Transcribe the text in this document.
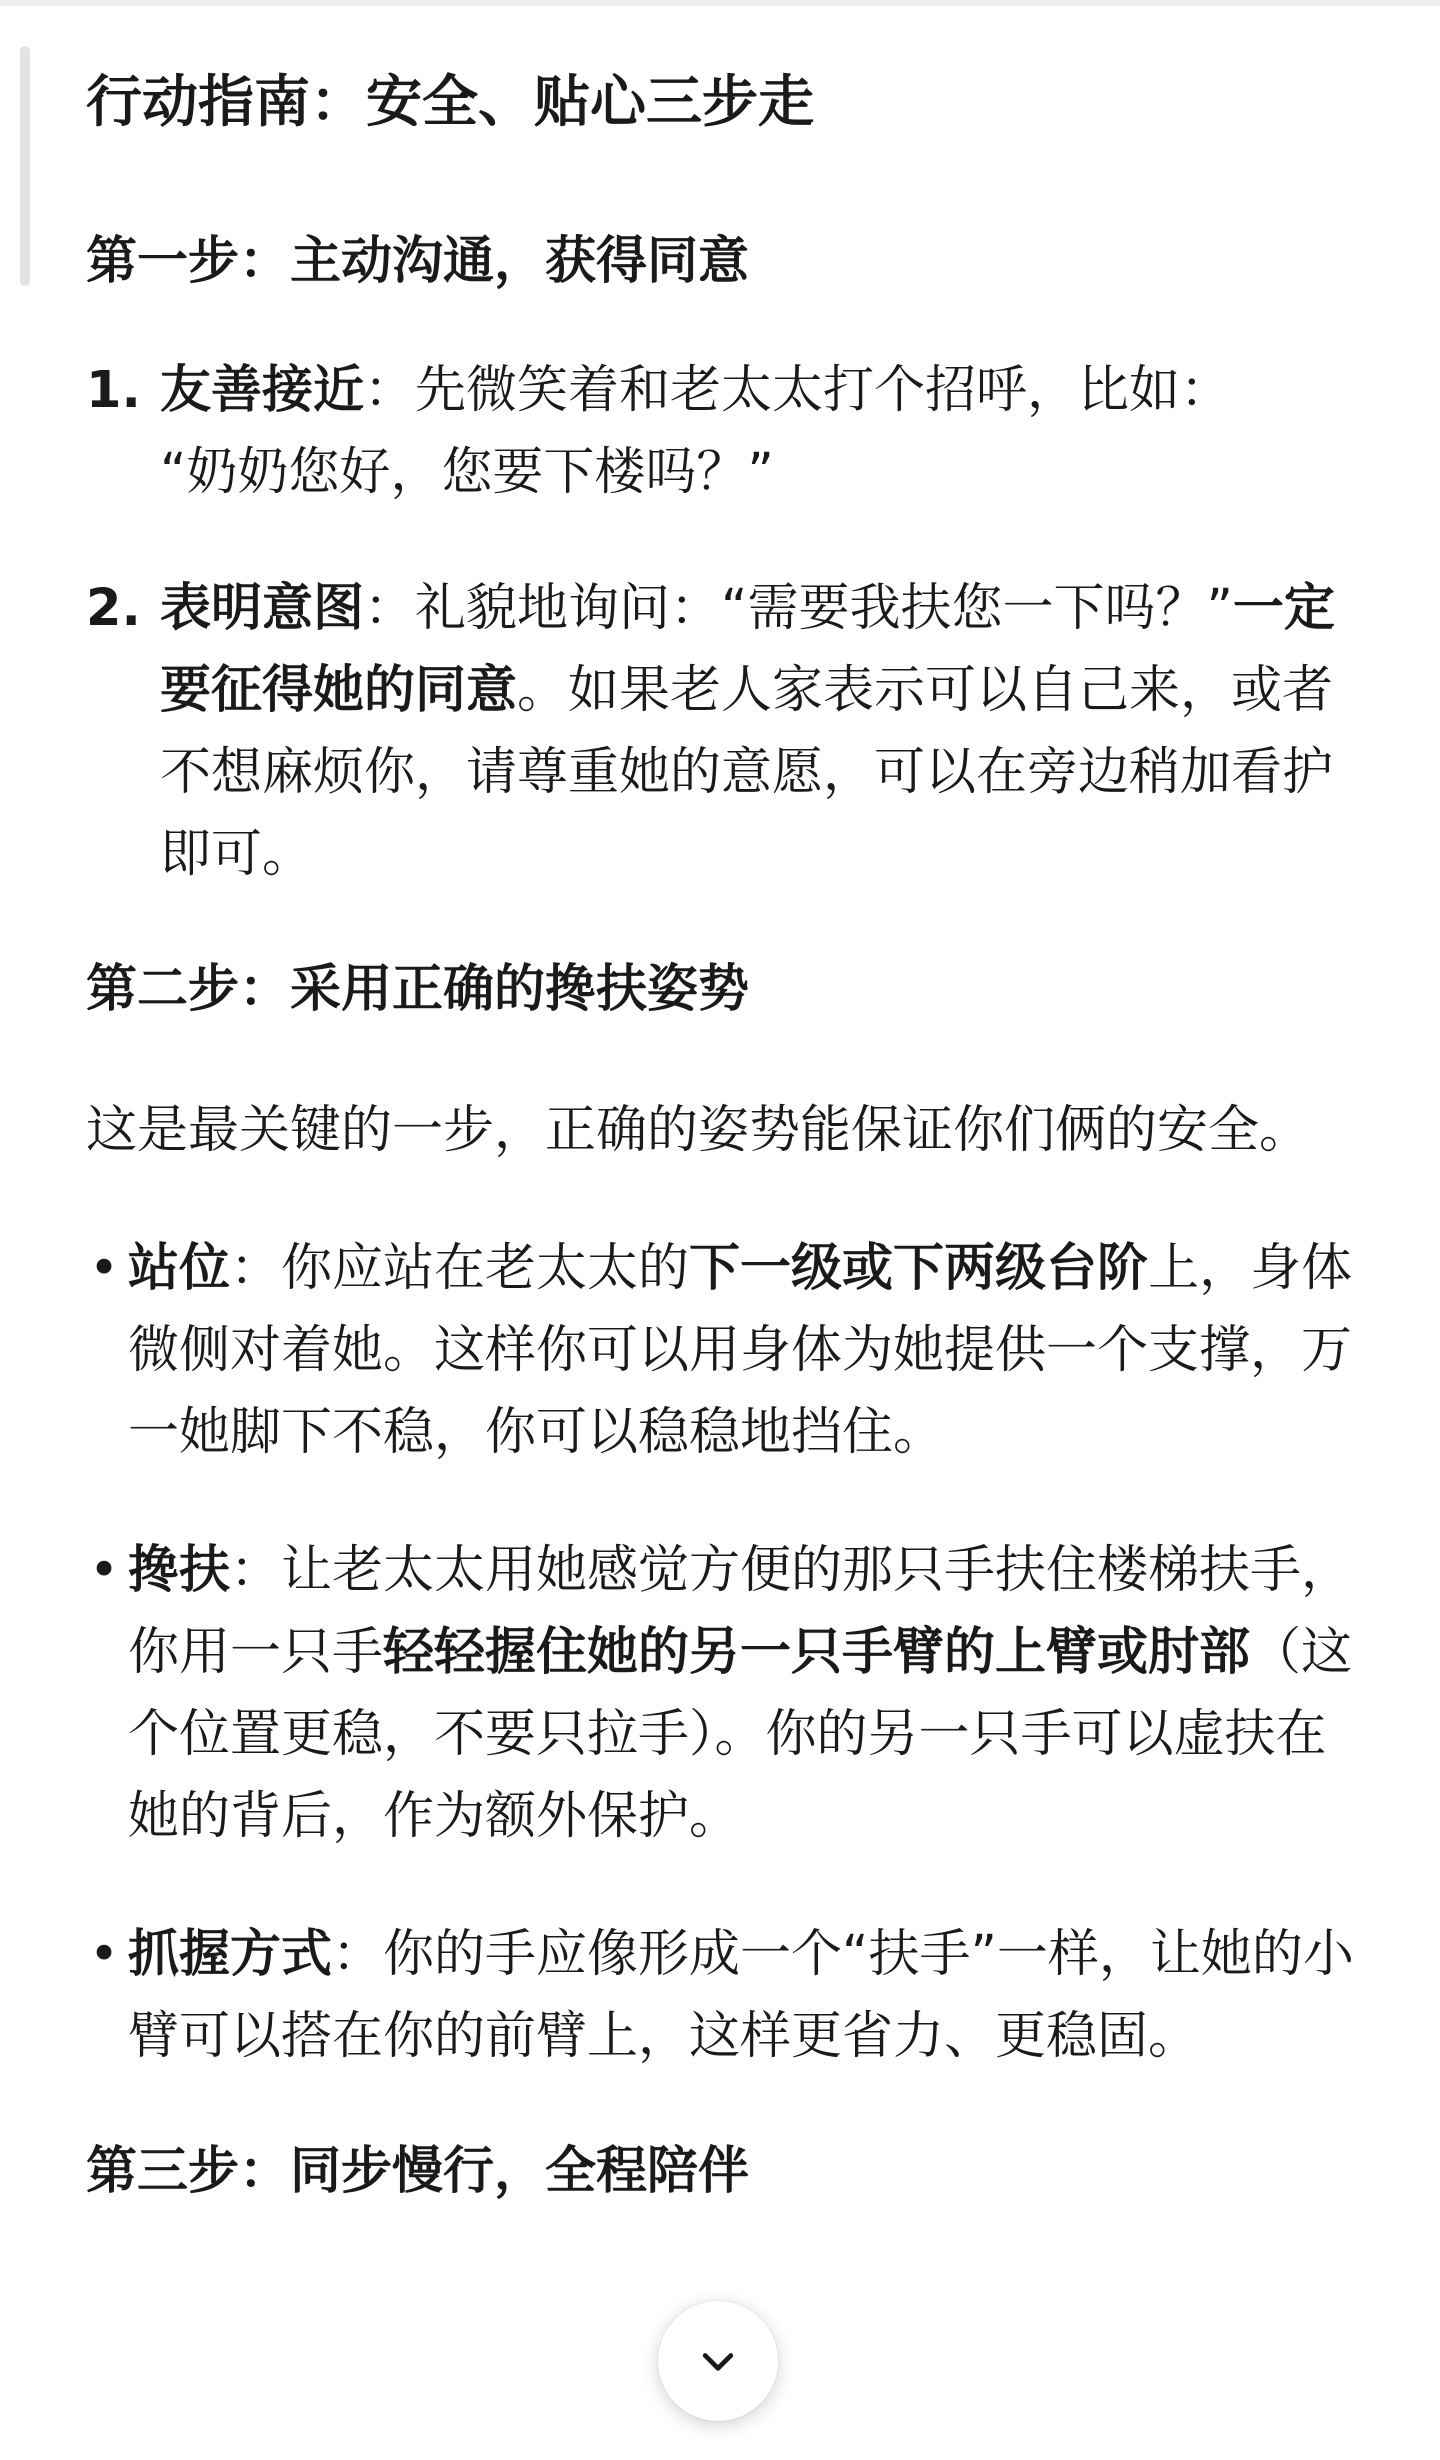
行动指南：安全、贴心三步走
第一步：主动沟通，获得同意
1. 友善接近：先微笑着和老太太打个招呼，比如：
“奶奶您好，您要下楼吗？”
2. 表明意图：礼貌地询问：“需要我扶您一下吗？”一定要征得她的同意。如果老人家表示可以自己来，或者不想麻烦你，请尊重她的意愿，可以在旁边稍加看护即可。
第二步：采用正确的搀扶姿势

这是最关键的一步，正确的姿势能保证你们俩的安全。

• 站位：你应站在老太太的下一级或下两级台阶上，身体微侧对着她。这样你可以用身体为她提供一个支撑，万一她脚下不稳，你可以稳稳地挡住。
• 搀扶：让老太太用她感觉方便的那只手扶住楼梯扶手，你用一只手轻轻握住她的另一只手臂的上臂或肘部（这个位置更稳，不要只拉手）。你的另一只手可以虚扶在她的背后，作为额外保护。
• 抓握方式：你的手应像形成一个“扶手”一样，让她的小臂可以搭在你的前臂上，这样更省力、更稳固。
第三步：同步慢行，全程陪伴
